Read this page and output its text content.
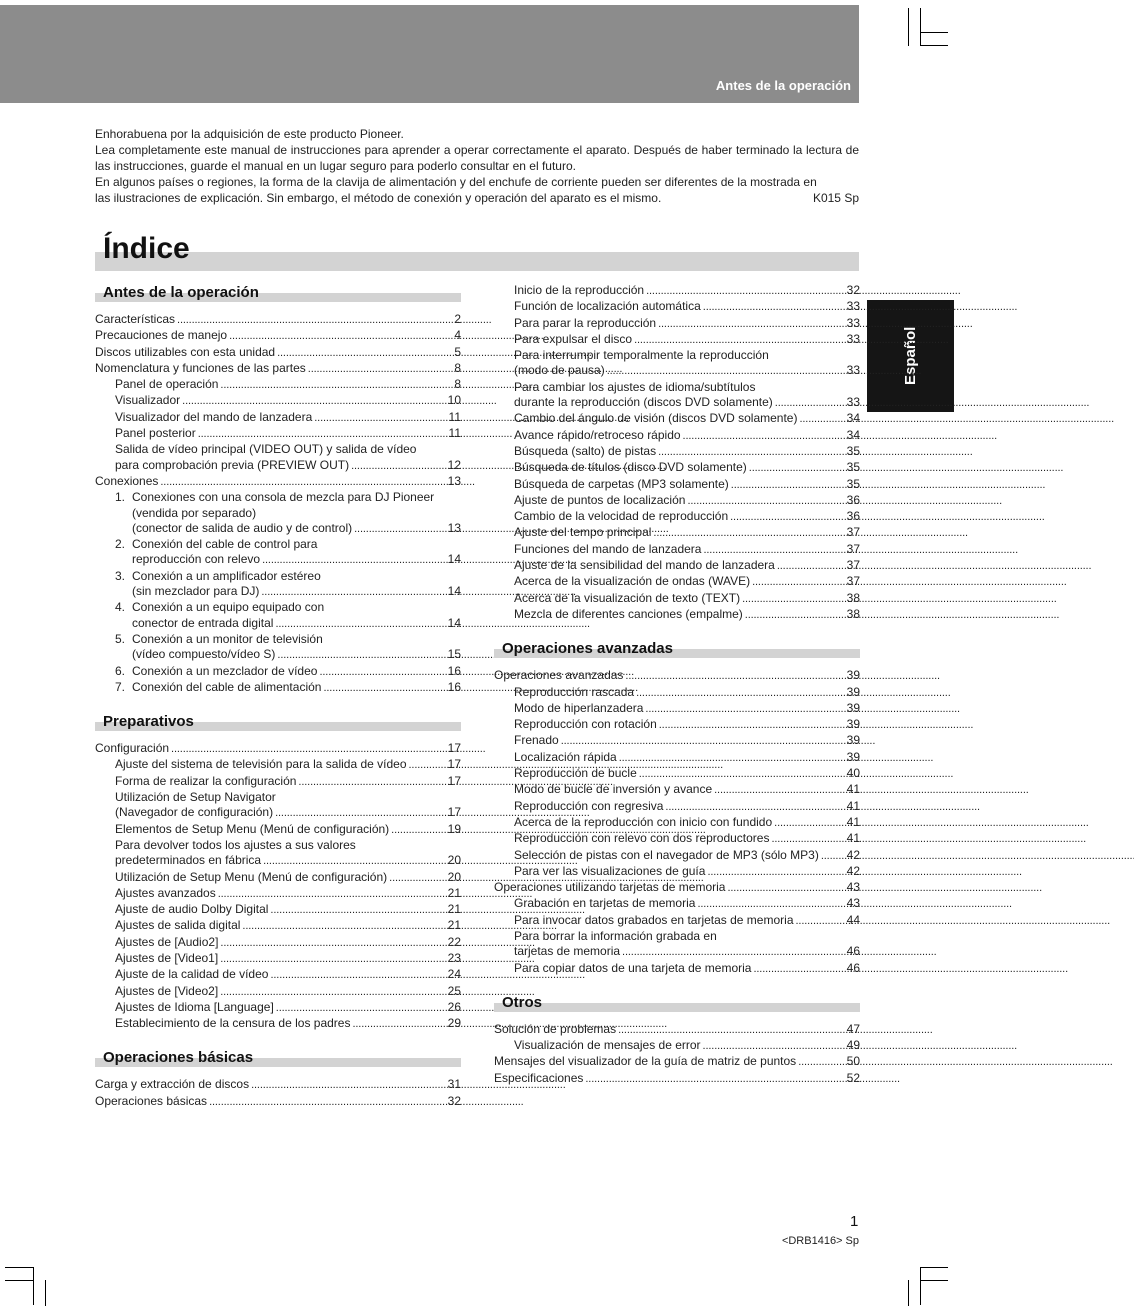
Antes de la operación
Español

Enhorabuena por la adquisición de este producto Pioneer.

Lea completamente este manual de instrucciones para aprender a operar correctamente el aparato. Después de haber terminado la lectura de las instrucciones, guarde el manual en un lugar seguro para poderlo consultar en el futuro.

En algunos países o regiones, la forma de la clavija de alimentación y del enchufe de corriente pueden ser diferentes de la mostrada en

las ilustraciones de explicación. Sin embargo, el método de conexión y operación del aparato es el mismo.	K015 Sp
Índice
Antes de la operación
Características . . .	2
Precauciones de manejo . . .	4
Discos utilizables con esta unidad . . .	5
Nomenclatura y funciones de las partes . . .	8
Panel de operación . . .	8
Visualizador . . .	10
Visualizador del mando de lanzadera . . .	11
Panel posterior . . .	11
Salida de vídeo principal (VIDEO OUT) y salida de vídeo
para comprobación previa (PREVIEW OUT) . . .	12
Conexiones . . .	13
1. Conexiones con una consola de mezcla para DJ Pioneer
(vendida por separado)
(conector de salida de audio y de control) . . .	13
2. Conexión del cable de control para
reproducción con relevo . . .	14
3. Conexión a un amplificador estéreo
(sin mezclador para DJ) . . .	14
4. Conexión a un equipo equipado con
conector de entrada digital . . .	14
5. Conexión a un monitor de televisión
(vídeo compuesto/vídeo S) . . .	15
6. Conexión a un mezclador de vídeo . . .	16
7. Conexión del cable de alimentación . . .	16
Preparativos
Configuración . . .	17
Ajuste del sistema de televisión para la salida de vídeo . . .	17
Forma de realizar la configuración . . .	17
Utilización de Setup Navigator
(Navegador de configuración) . . .	17
Elementos de Setup Menu (Menú de configuración) . . .	19
Para devolver todos los ajustes a sus valores
predeterminados en fábrica . . .	20
Utilización de Setup Menu (Menú de configuración) . . .	20
Ajustes avanzados . . .	21
Ajuste de audio Dolby Digital . . .	21
Ajustes de salida digital . . .	21
Ajustes de [Audio2] . . .	22
Ajustes de [Video1] . . .	23
Ajuste de la calidad de vídeo . . .	24
Ajustes de [Video2] . . .	25
Ajustes de Idioma [Language] . . .	26
Establecimiento de la censura de los padres . . .	29
Operaciones básicas
Carga y extracción de discos . . .	31
Operaciones básicas . . .	32
Inicio de la reproducción . . .	32
Función de localización automática . . .	33
Para parar la reproducción . . .	33
Para expulsar el disco . . .	33
Para interrumpir temporalmente la reproducción
(modo de pausa) . . .	33
Para cambiar los ajustes de idioma/subtítulos
durante la reproducción (discos DVD solamente) . . .	33
Cambio del ángulo de visión (discos DVD solamente) . . .	34
Avance rápido/retroceso rápido . . .	34
Búsqueda (salto) de pistas . . .	35
Búsqueda de títulos (disco DVD solamente) . . .	35
Búsqueda de carpetas (MP3 solamente) . . .	35
Ajuste de puntos de localización . . .	36
Cambio de la velocidad de reproducción . . .	36
Ajuste del tempo principal . . .	37
Funciones del mando de lanzadera . . .	37
Ajuste de la sensibilidad del mando de lanzadera . . .	37
Acerca de la visualización de ondas (WAVE) . . .	37
Acerca de la visualización de texto (TEXT) . . .	38
Mezcla de diferentes canciones (empalme) . . .	38
Operaciones avanzadas
Operaciones avanzadas . . .	39
Reproducción rascada . . .	39
Modo de hiperlanzadera . . .	39
Reproducción con rotación . . .	39
Frenado . . .	39
Localización rápida . . .	39
Reproducción de bucle . . .	40
Modo de bucle de inversión y avance . . .	41
Reproducción con regresiva . . .	41
Acerca de la reproducción con inicio con fundido . . .	41
Reproducción con relevo con dos reproductores . . .	41
Selección de pistas con el navegador de MP3 (sólo MP3) . . . 42
Para ver las visualizaciones de guía . . .	42
Operaciones utilizando tarjetas de memoria . . .	43
Grabación en tarjetas de memoria . . .	43
Para invocar datos grabados en tarjetas de memoria . . .	44
Para borrar la información grabada en
tarjetas de memoria . . .	46
Para copiar datos de una tarjeta de memoria . . .	46
Otros
Solución de problemas . . .	47
Visualización de mensajes de error . . .	49
Mensajes del visualizador de la guía de matriz de puntos . . .	50
Especificaciones . . .	52
1
<DRB1416> Sp
